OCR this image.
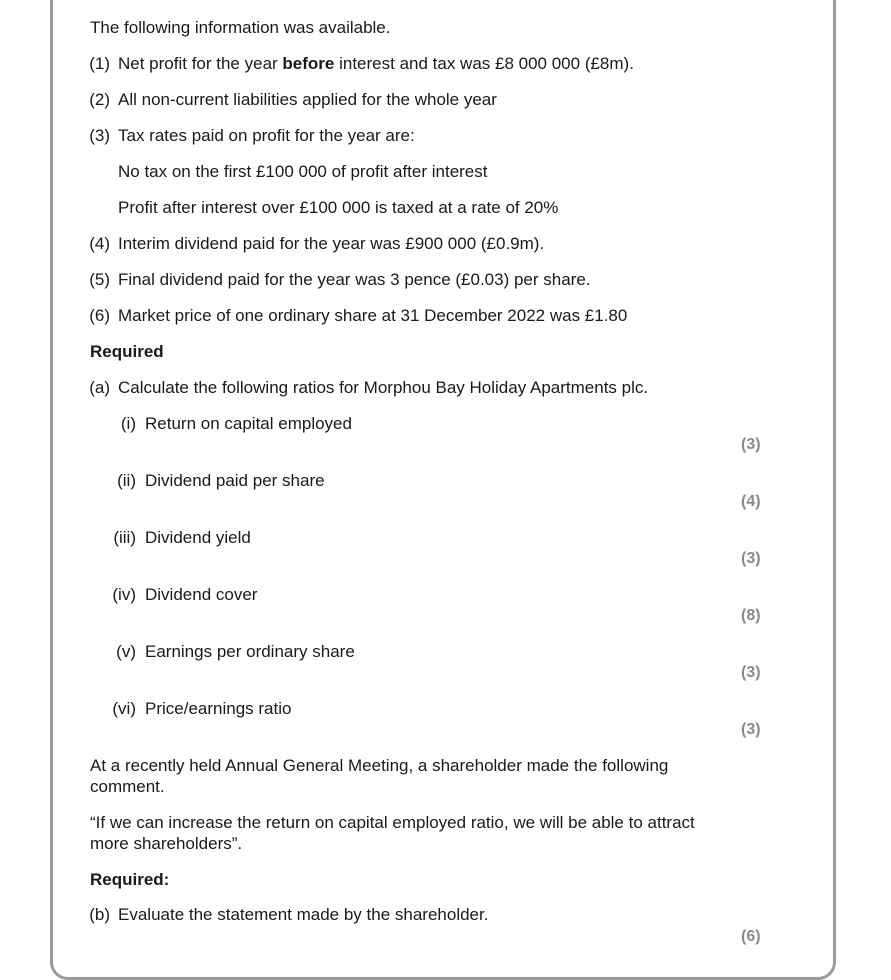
The following information was available.
(1) Net profit for the year before interest and tax was £8 000 000 (£8m).
(2) All non-current liabilities applied for the whole year
(3) Tax rates paid on profit for the year are:
No tax on the first £100 000 of profit after interest
Profit after interest over £100 000 is taxed at a rate of 20%
(4) Interim dividend paid for the year was £900 000 (£0.9m).
(5) Final dividend paid for the year was 3 pence (£0.03) per share.
(6) Market price of one ordinary share at 31 December 2022 was £1.80
Required
(a) Calculate the following ratios for Morphou Bay Holiday Apartments plc.
(i) Return on capital employed
(3)
(ii) Dividend paid per share
(4)
(iii) Dividend yield
(3)
(iv) Dividend cover
(8)
(v) Earnings per ordinary share
(3)
(vi) Price/earnings ratio
(3)
At a recently held Annual General Meeting, a shareholder made the following comment.
“If we can increase the return on capital employed ratio, we will be able to attract more shareholders”.
Required:
(b) Evaluate the statement made by the shareholder.
(6)
